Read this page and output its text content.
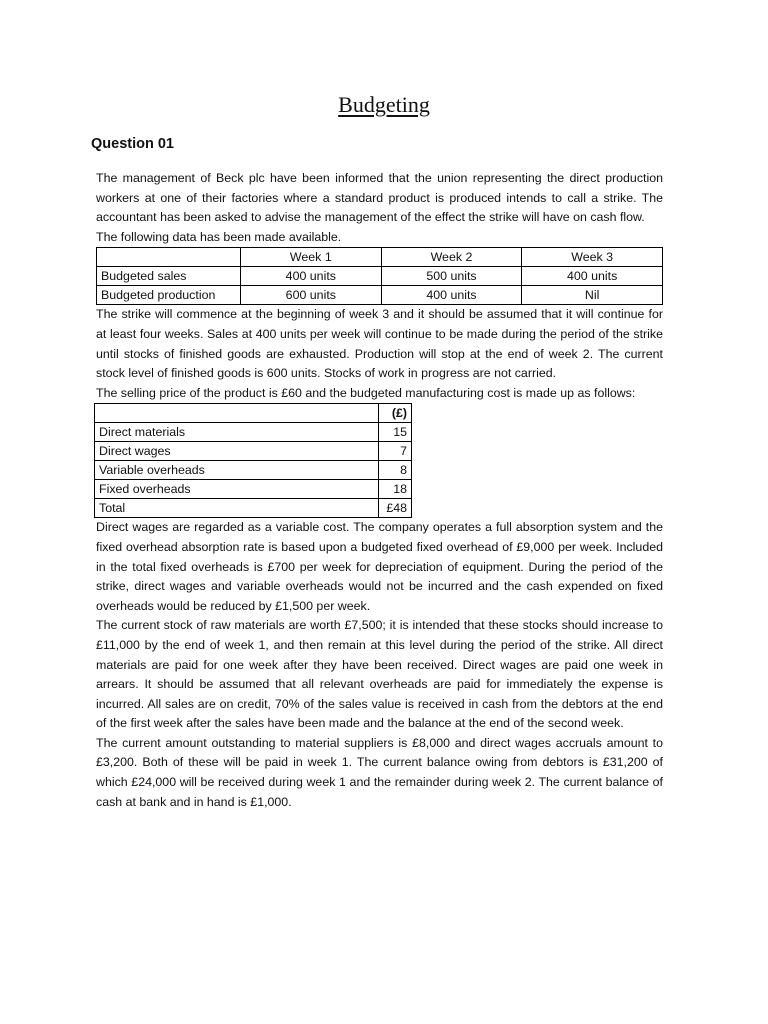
Budgeting
Question 01

The management of Beck plc have been informed that the union representing the direct production workers at one of their factories where a standard product is produced intends to call a strike. The accountant has been asked to advise the management of the effect the strike will have on cash flow.

The following data has been made available.

	Week 1	Week 2	Week 3
Budgeted sales	400 units	500 units	400 units
Budgeted production	600 units	400 units	Nil

The strike will commence at the beginning of week 3 and it should be assumed that it will continue for at least four weeks. Sales at 400 units per week will continue to be made during the period of the strike until stocks of finished goods are exhausted. Production will stop at the end of week 2. The current stock level of finished goods is 600 units. Stocks of work in progress are not carried.

The selling price of the product is £60 and the budgeted manufacturing cost is made up as follows:

	(£)
Direct materials	15
Direct wages	7
Variable overheads	8
Fixed overheads	18
Total	£48

Direct wages are regarded as a variable cost. The company operates a full absorption system and the fixed overhead absorption rate is based upon a budgeted fixed overhead of £9,000 per week. Included in the total fixed overheads is £700 per week for depreciation of equipment. During the period of the strike, direct wages and variable overheads would not be incurred and the cash expended on fixed overheads would be reduced by £1,500 per week.

The current stock of raw materials are worth £7,500; it is intended that these stocks should increase to £11,000 by the end of week 1, and then remain at this level during the period of the strike. All direct materials are paid for one week after they have been received. Direct wages are paid one week in arrears. It should be assumed that all relevant overheads are paid for immediately the expense is incurred. All sales are on credit, 70% of the sales value is received in cash from the debtors at the end of the first week after the sales have been made and the balance at the end of the second week.

The current amount outstanding to material suppliers is £8,000 and direct wages accruals amount to £3,200. Both of these will be paid in week 1. The current balance owing from debtors is £31,200 of which £24,000 will be received during week 1 and the remainder during week 2. The current balance of cash at bank and in hand is £1,000.
